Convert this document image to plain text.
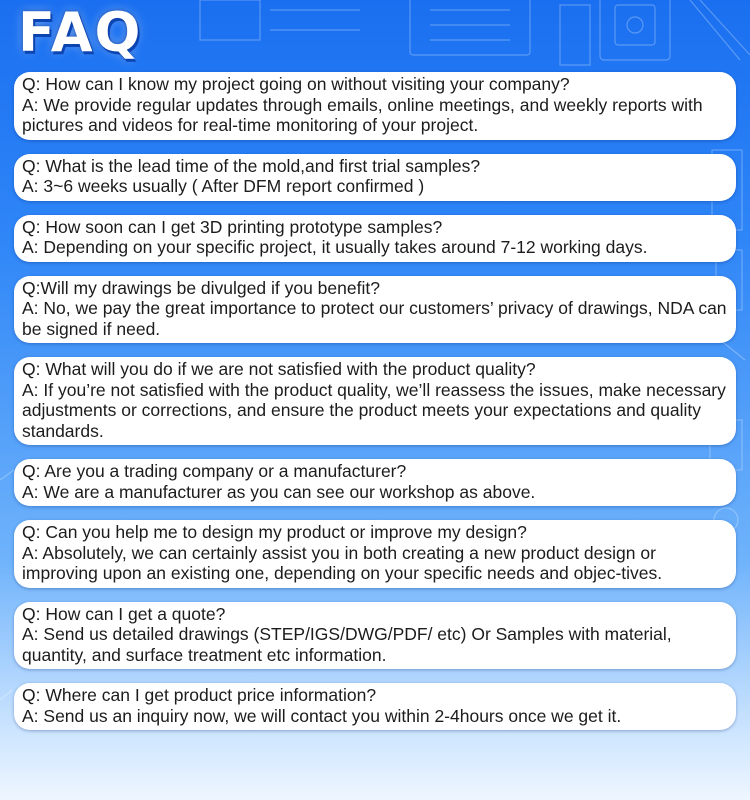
FAQ
Q: How can I know my project going on without visiting your company?
A: We provide regular updates through emails, online meetings, and weekly reports with pictures and videos for real-time monitoring of your project.
Q: What is the lead time of the mold,and first trial samples?
A: 3~6 weeks usually ( After DFM report confirmed )
Q: How soon can I get 3D printing prototype samples?
A: Depending on your specific project, it usually takes around 7-12 working days.
Q:Will my drawings be divulged if you benefit?
A: No, we pay the great importance to protect our customers’ privacy of drawings, NDA can be signed if need.
Q: What will you do if we are not satisfied with the product quality?
A: If you’re not satisfied with the product quality, we’ll reassess the issues, make necessary adjustments or corrections, and ensure the product meets your expectations and quality standards.
Q: Are you a trading company or a manufacturer?
A: We are a manufacturer as you can see our workshop as above.
Q: Can you help me to design my product or improve my design?
A: Absolutely, we can certainly assist you in both creating a new product design or improving upon an existing one, depending on your specific needs and objec-tives.
Q: How can I get a quote?
A: Send us detailed drawings (STEP/IGS/DWG/PDF/ etc) Or Samples with material, quantity, and surface treatment etc information.
Q: Where can I get product price information?
A: Send us an inquiry now, we will contact you within 2-4hours once we get it.
